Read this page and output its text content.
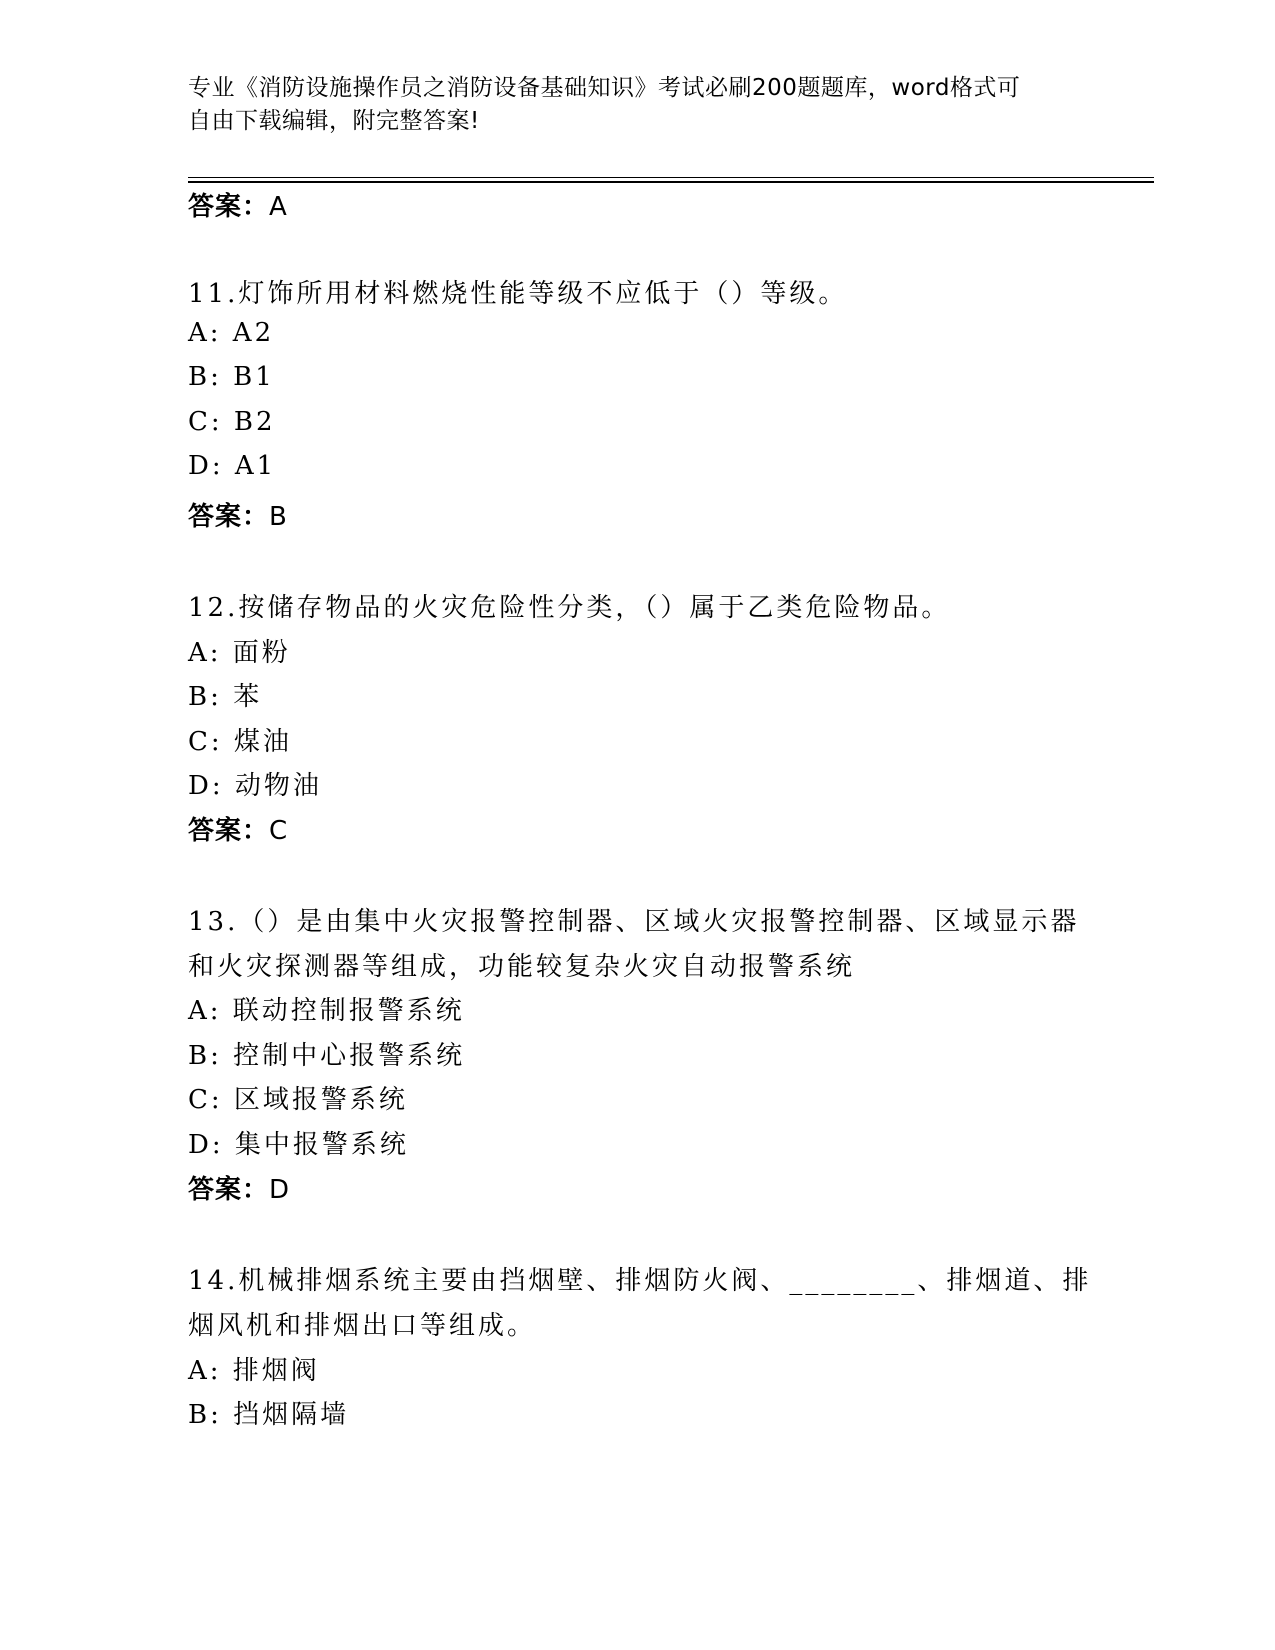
专业《消防设施操作员之消防设备基础知识》考试必刷200题题库，word格式可
自由下载编辑，附完整答案!
答案：A
11.灯饰所用材料燃烧性能等级不应低于（）等级。
A: A2
B: B1
C: B2
D: A1
答案：B
12.按储存物品的火灾危险性分类，（）属于乙类危险物品。
A: 面粉
B: 苯
C: 煤油
D: 动物油
答案：C
13.（）是由集中火灾报警控制器、区域火灾报警控制器、区域显示器
和火灾探测器等组成，功能较复杂火灾自动报警系统
A: 联动控制报警系统
B: 控制中心报警系统
C: 区域报警系统
D: 集中报警系统
答案：D
14.机械排烟系统主要由挡烟壁、排烟防火阀、________、排烟道、排
烟风机和排烟出口等组成。
A: 排烟阀
B: 挡烟隔墙
